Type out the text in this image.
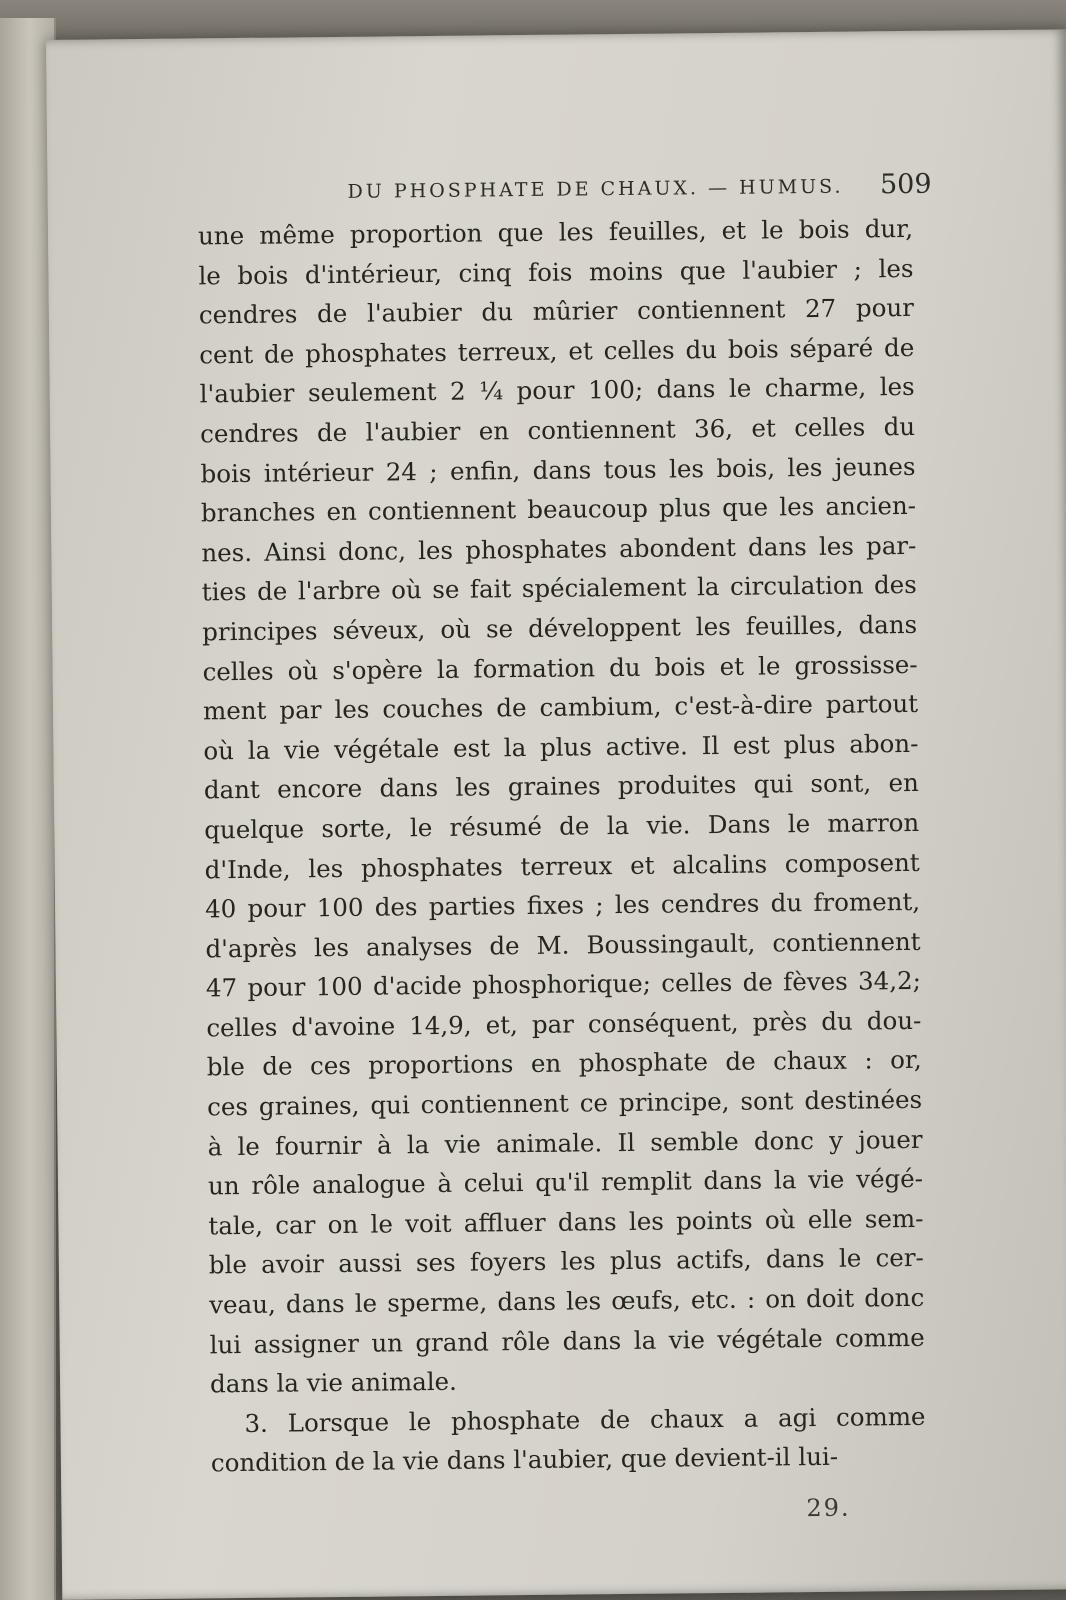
DU PHOSPHATE DE CHAUX. — HUMUS. 509
une même proportion que les feuilles, et le bois dur,
le bois d'intérieur, cinq fois moins que l'aubier ; les
cendres de l'aubier du mûrier contiennent 27 pour
cent de phosphates terreux, et celles du bois séparé de
l'aubier seulement 2 ¼ pour 100; dans le charme, les
cendres de l'aubier en contiennent 36, et celles du
bois intérieur 24 ; enfin, dans tous les bois, les jeunes
branches en contiennent beaucoup plus que les ancien-
nes. Ainsi donc, les phosphates abondent dans les par-
ties de l'arbre où se fait spécialement la circulation des
principes séveux, où se développent les feuilles, dans
celles où s'opère la formation du bois et le grossisse-
ment par les couches de cambium, c'est-à-dire partout
où la vie végétale est la plus active. Il est plus abon-
dant encore dans les graines produites qui sont, en
quelque sorte, le résumé de la vie. Dans le marron
d'Inde, les phosphates terreux et alcalins composent
40 pour 100 des parties fixes ; les cendres du froment,
d'après les analyses de M. Boussingault, contiennent
47 pour 100 d'acide phosphorique; celles de fèves 34,2;
celles d'avoine 14,9, et, par conséquent, près du dou-
ble de ces proportions en phosphate de chaux : or,
ces graines, qui contiennent ce principe, sont destinées
à le fournir à la vie animale. Il semble donc y jouer
un rôle analogue à celui qu'il remplit dans la vie végé-
tale, car on le voit affluer dans les points où elle sem-
ble avoir aussi ses foyers les plus actifs, dans le cer-
veau, dans le sperme, dans les œufs, etc. : on doit donc
lui assigner un grand rôle dans la vie végétale comme
dans la vie animale.
3. Lorsque le phosphate de chaux a agi comme
condition de la vie dans l'aubier, que devient-il lui-
29.
